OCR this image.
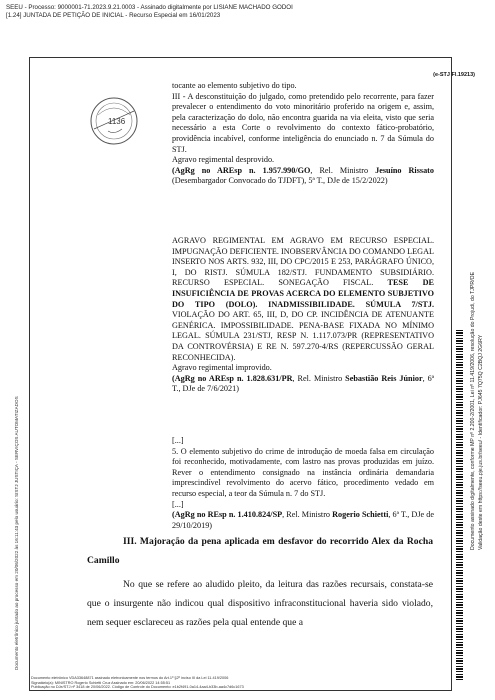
SEEU - Processo: 9000001-71.2023.9.21.0003 - Assinado digitalmente por LISIANE MACHADO GODOI
[1.24] JUNTADA DE PETIÇÃO DE INICIAL - Recurso Especial em 16/01/2023
Documento assinado digitalmente, conforme MP nº 2.200-2/2001, Lei nº 11.419/2006, resolução do Projudi, do TJPR/OE Validação deste em https://seeu.pje.jus.br/seeu/ - Identificador: PJ645 7Q75Q C2BQJ 2G6RY
Documento eletrônico juntado ao processo em 20/06/2022 às 16:11:43 pelo usuário: SISTJ JUSTIÇA - SERVIÇOS AUTOMATIZADOS
(e-STJ Fl.19213)
1136

tocante ao elemento subjetivo do tipo.

III - A desconstituição do julgado, como pretendido pelo recorrente, para fazer prevalecer o entendimento do voto minoritário proferido na origem e, assim, pela caracterização do dolo, não encontra guarida na via eleita, visto que seria necessário a esta Corte o revolvimento do contexto fático-probatório, providência incabível, conforme inteligência do enunciado n. 7 da Súmula do STJ.

Agravo regimental desprovido.

(AgRg no AREsp n. 1.957.990/GO, Rel. Ministro Jesuíno Rissato (Desembargador Convocado do TJDFT), 5ª T., DJe de 15/2/2022)

AGRAVO REGIMENTAL EM AGRAVO EM RECURSO ESPECIAL. IMPUGNAÇÃO DEFICIENTE. INOBSERVÂNCIA DO COMANDO LEGAL INSERTO NOS ARTS. 932, III, DO CPC/2015 E 253, PARÁGRAFO ÚNICO, I, DO RISTJ. SÚMULA 182/STJ. FUNDAMENTO SUBSIDIÁRIO. RECURSO ESPECIAL. SONEGAÇÃO FISCAL. TESE DE INSUFICIÊNCIA DE PROVAS ACERCA DO ELEMENTO SUBJETIVO DO TIPO (DOLO). INADMISSIBILIDADE. SÚMULA 7/STJ. VIOLAÇÃO DO ART. 65, III, D, DO CP. INCIDÊNCIA DE ATENUANTE GENÉRICA. IMPOSSIBILIDADE. PENA-BASE FIXADA NO MÍNIMO LEGAL. SÚMULA 231/STJ, RESP N. 1.117.073/PR (REPRESENTATIVO DA CONTROVÉRSIA) E RE N. 597.270-4/RS (REPERCUSSÃO GERAL RECONHECIDA).

Agravo regimental improvido.

(AgRg no AREsp n. 1.828.631/PR, Rel. Ministro Sebastião Reis Júnior, 6ª T., DJe de 7/6/2021)

[...]

5. O elemento subjetivo do crime de introdução de moeda falsa em circulação foi reconhecido, motivadamente, com lastro nas provas produzidas em juízo. Rever o entendimento consignado na instância ordinária demandaria imprescindível revolvimento do acervo fático, procedimento vedado em recurso especial, a teor da Súmula n. 7 do STJ.

[...]

(AgRg no REsp n. 1.410.824/SP, Rel. Ministro Rogerio Schietti, 6ª T., DJe de 29/10/2019)

III. Majoração da pena aplicada em desfavor do recorrido Alex da Rocha Camillo
No que se refere ao aludido pleito, da leitura das razões recursais, constata-se que o insurgente não indicou qual dispositivo infraconstitucional haveria sido violado, nem sequer esclareceu as razões pela qual entende que a
Documento eletrônico VDA33648871 assinado eletronicamente nos termos do Art.1º §2º inciso III da Lei 11.419/2006
Signatário(a): MINISTRO Rogerio Schietti Cruz Assinado em: 20/06/2022 14:55:51
Publicação no DJe/STJ nº 3418 de 20/06/2022. Código de Controle do Documento: e1b2f491-0a14-4aa4-b33b-aa4c7d6c1673
